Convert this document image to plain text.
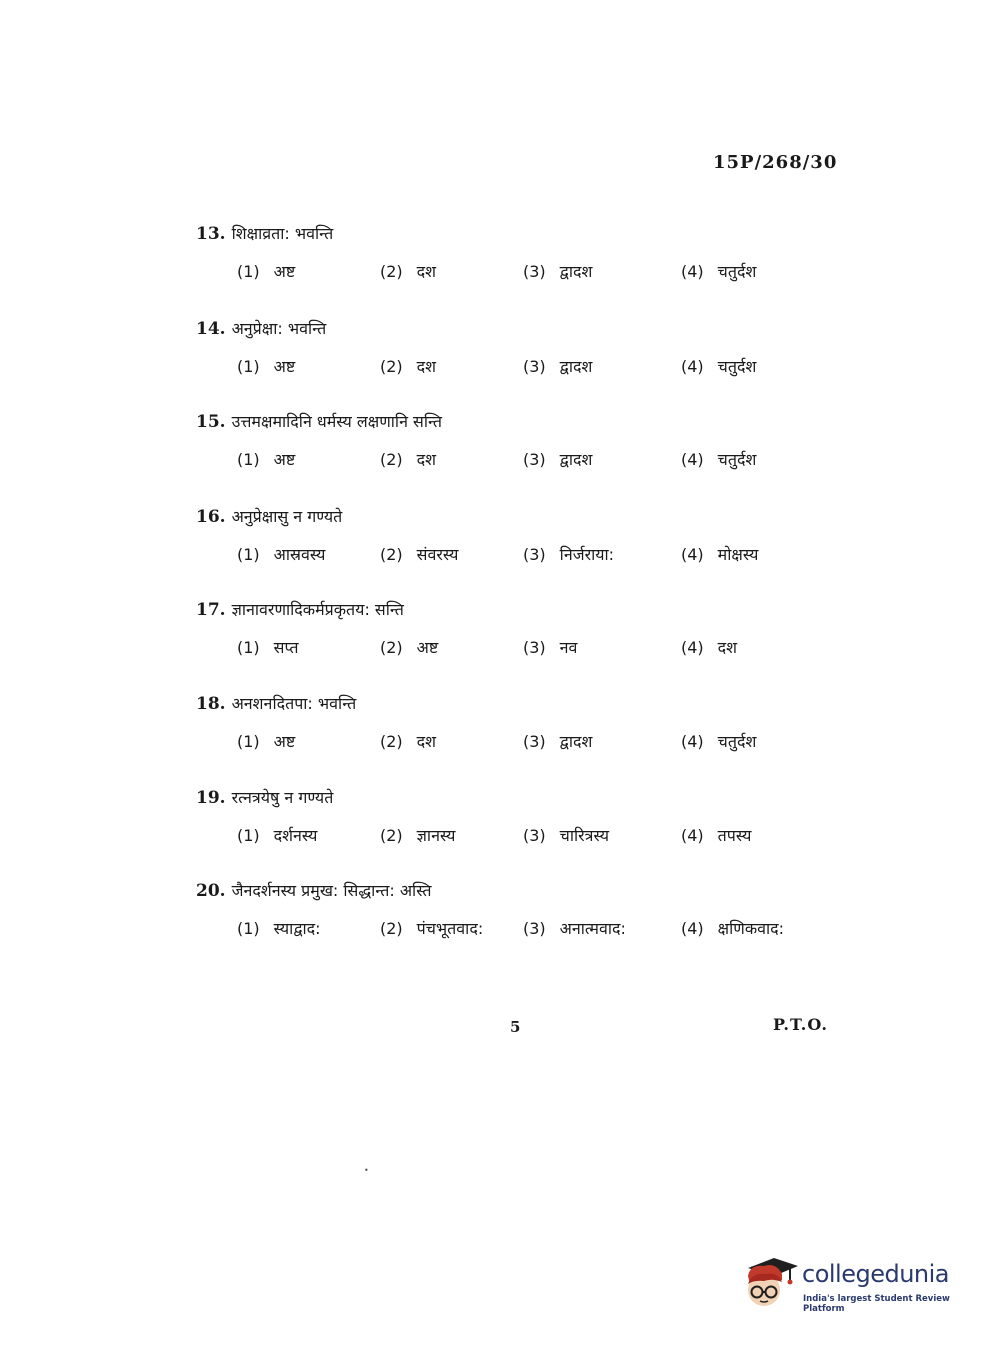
15P/268/30
13. शिक्षाव्रता: भवन्ति
(1) अष्ट	(2) दश	(3) द्वादश	(4) चतुर्दश
14. अनुप्रेक्षा: भवन्ति
(1) अष्ट	(2) दश	(3) द्वादश	(4) चतुर्दश
15. उत्तमक्षमादिनि धर्मस्य लक्षणानि सन्ति
(1) अष्ट	(2) दश	(3) द्वादश	(4) चतुर्दश
16. अनुप्रेक्षासु न गण्यते
(1) आस्रवस्य	(2) संवरस्य	(3) निर्जराया:	(4) मोक्षस्य
17. ज्ञानावरणादिकर्मप्रकृतय: सन्ति
(1) सप्त	(2) अष्ट	(3) नव	(4) दश
18. अनशनदितपा: भवन्ति
(1) अष्ट	(2) दश	(3) द्वादश	(4) चतुर्दश
19. रत्नत्रयेषु न गण्यते
(1) दर्शनस्य	(2) ज्ञानस्य	(3) चारित्रस्य	(4) तपस्य
20. जैनदर्शनस्य प्रमुख: सिद्धान्त: अस्ति
(1) स्याद्वाद:	(2) पंचभूतवाद: (3) अनात्मवाद:	(4) क्षणिकवाद:
5	P.T.O.
•
collegedunia
India's largest Student Review Platform
